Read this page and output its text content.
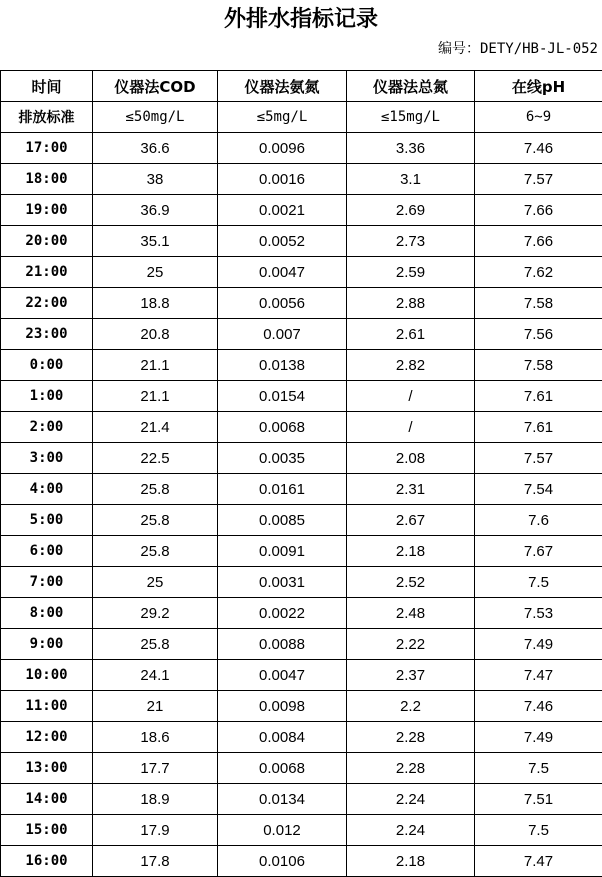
外排水指标记录
编号：DETY/HB-JL-052
时间	仪器法COD	仪器法氨氮	仪器法总氮	在线pH
排放标准	≤50mg/L	≤5mg/L	≤15mg/L	6~9
17:00	36.6	0.0096	3.36	7.46
18:00	38	0.0016	3.1	7.57
19:00	36.9	0.0021	2.69	7.66
20:00	35.1	0.0052	2.73	7.66
21:00	25	0.0047	2.59	7.62
22:00	18.8	0.0056	2.88	7.58
23:00	20.8	0.007	2.61	7.56
0:00	21.1	0.0138	2.82	7.58
1:00	21.1	0.0154	/	7.61
2:00	21.4	0.0068	/	7.61
3:00	22.5	0.0035	2.08	7.57
4:00	25.8	0.0161	2.31	7.54
5:00	25.8	0.0085	2.67	7.6
6:00	25.8	0.0091	2.18	7.67
7:00	25	0.0031	2.52	7.5
8:00	29.2	0.0022	2.48	7.53
9:00	25.8	0.0088	2.22	7.49
10:00	24.1	0.0047	2.37	7.47
11:00	21	0.0098	2.2	7.46
12:00	18.6	0.0084	2.28	7.49
13:00	17.7	0.0068	2.28	7.5
14:00	18.9	0.0134	2.24	7.51
15:00	17.9	0.012	2.24	7.5
16:00	17.8	0.0106	2.18	7.47
